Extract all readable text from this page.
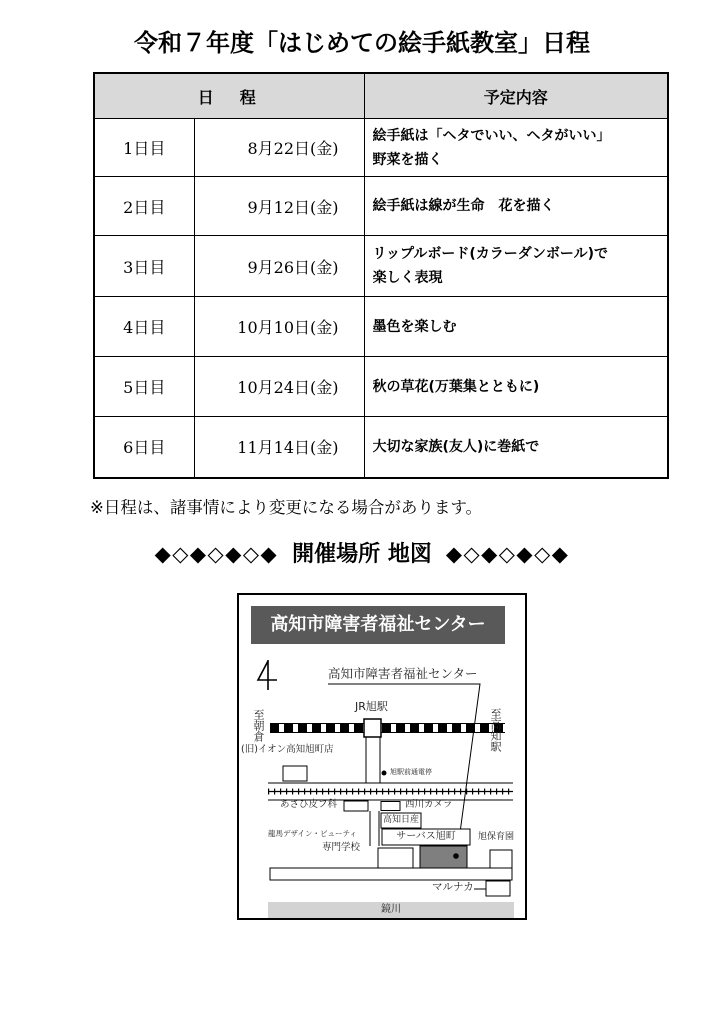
令和７年度「はじめての絵手紙教室」日程
日　程		予定内容
1日目	8月22日(金)	絵手紙は「ヘタでいい、ヘタがいい」
野菜を描く

2日目	9月12日(金)	絵手紙は線が生命　花を描く

3日目	9月26日(金)	リップルボード(カラーダンボール)で
楽しく表現

4日目	10月10日(金)	墨色を楽しむ

5日目	10月24日(金)	秋の草花(万葉集とともに)

6日目	11月14日(金)	大切な家族(友人)に巻紙で
※日程は、諸事情により変更になる場合があります。
◆◇◆◇◆◇◆ 開催場所 地図 ◆◇◆◇◆◇◆
高知市障害者福祉センター
高知市障害者福祉センター
JR旭駅
至朝倉	至高知駅
(旧)イオン高知旭町店
旭駅前通電停
あさひ皮フ科	西川カメラ
高知日産
サーバス旭町	旭保育園
龍馬デザイン・ビューティ
専門学校
マルナカ
鏡川
